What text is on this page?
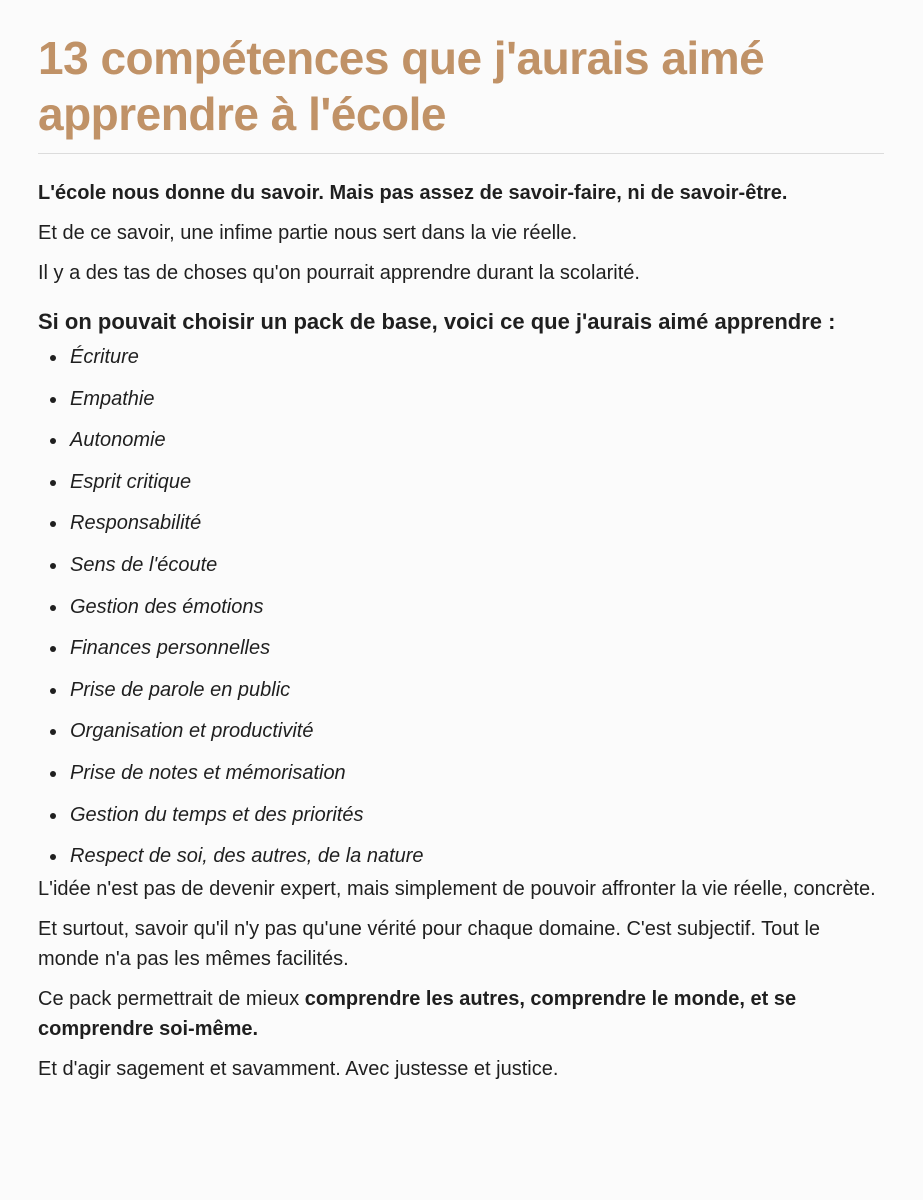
13 compétences que j'aurais aimé apprendre à l'école

L'école nous donne du savoir. Mais pas assez de savoir-faire, ni de savoir-être.

Et de ce savoir, une infime partie nous sert dans la vie réelle.

Il y a des tas de choses qu'on pourrait apprendre durant la scolarité.

Si on pouvait choisir un pack de base, voici ce que j'aurais aimé apprendre :
Écriture
Empathie
Autonomie
Esprit critique
Responsabilité
Sens de l'écoute
Gestion des émotions
Finances personnelles
Prise de parole en public
Organisation et productivité
Prise de notes et mémorisation
Gestion du temps et des priorités
Respect de soi, des autres, de la nature

L'idée n'est pas de devenir expert, mais simplement de pouvoir affronter la vie réelle, concrète.

Et surtout, savoir qu'il n'y pas qu'une vérité pour chaque domaine. C'est subjectif. Tout le monde n'a pas les mêmes facilités.

Ce pack permettrait de mieux comprendre les autres, comprendre le monde, et se comprendre soi-même.

Et d'agir sagement et savamment. Avec justesse et justice.
